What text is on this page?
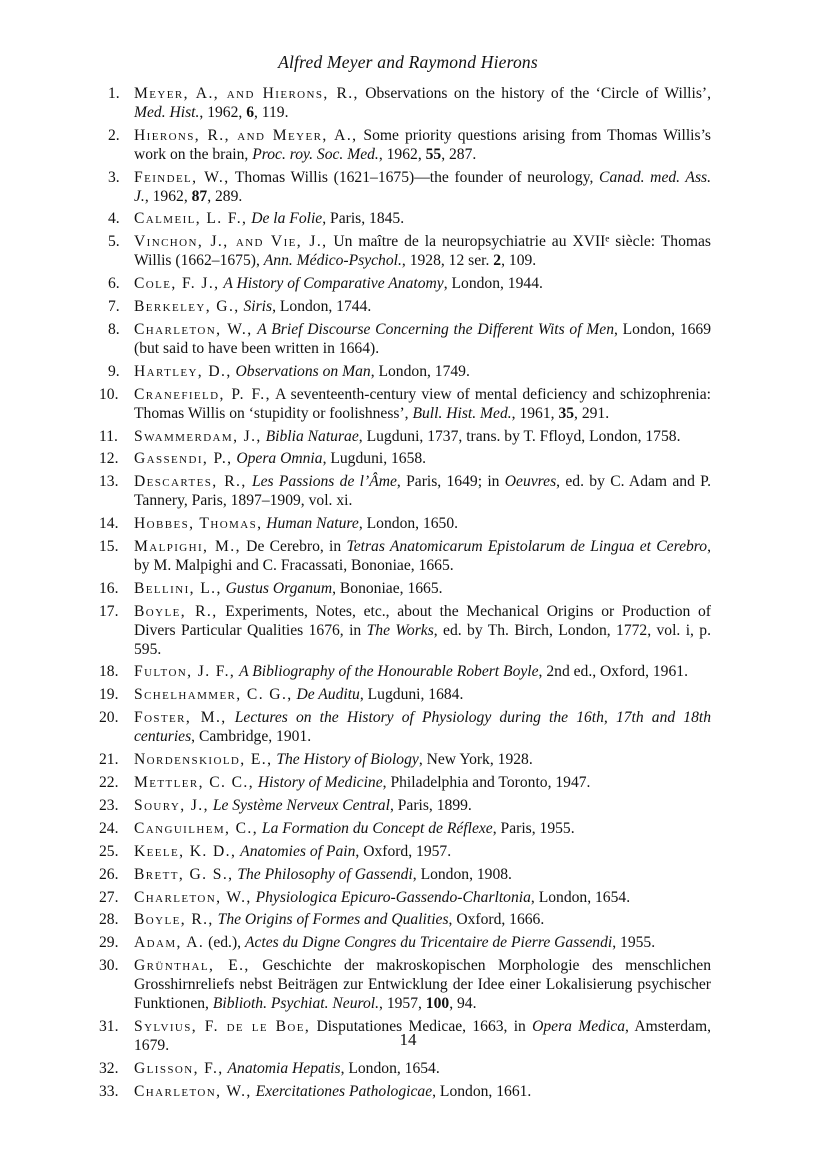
Alfred Meyer and Raymond Hierons
1. Meyer, A., and Hierons, R., Observations on the history of the ‘Circle of Willis’, Med. Hist., 1962, 6, 119.
2. Hierons, R., and Meyer, A., Some priority questions arising from Thomas Willis’s work on the brain, Proc. roy. Soc. Med., 1962, 55, 287.
3. Feindel, W., Thomas Willis (1621–1675)—the founder of neurology, Canad. med. Ass. J., 1962, 87, 289.
4. Calmeil, L. F., De la Folie, Paris, 1845.
5. Vinchon, J., and Vie, J., Un maître de la neuropsychiatrie au XVIIᵉ siècle: Thomas Willis (1662–1675), Ann. Médico-Psychol., 1928, 12 ser. 2, 109.
6. Cole, F. J., A History of Comparative Anatomy, London, 1944.
7. Berkeley, G., Siris, London, 1744.
8. Charleton, W., A Brief Discourse Concerning the Different Wits of Men, London, 1669 (but said to have been written in 1664).
9. Hartley, D., Observations on Man, London, 1749.
10. Cranefield, P. F., A seventeenth-century view of mental deficiency and schizophrenia: Thomas Willis on ‘stupidity or foolishness’, Bull. Hist. Med., 1961, 35, 291.
11.	Swammerdam, J., Biblia Naturae, Lugduni, 1737, trans. by T. Ffloyd, London, 1758.
12. Gassendi, P., Opera Omnia, Lugduni, 1658.
13. Descartes, R., Les Passions de l’Âme, Paris, 1649; in Oeuvres, ed. by C. Adam and P. Tannery, Paris, 1897–1909, vol. xi.
14. Hobbes, Thomas, Human Nature, London, 1650.
15. Malpighi, M., De Cerebro, in Tetras Anatomicarum Epistolarum de Lingua et Cerebro, by M. Malpighi and C. Fracassati, Bononiae, 1665.
16. Bellini, L., Gustus Organum, Bononiae, 1665.
17. Boyle, R., Experiments, Notes, etc., about the Mechanical Origins or Production of Divers Particular Qualities 1676, in The Works, ed. by Th. Birch, London, 1772, vol. i, p. 595.
18. Fulton, J. F., A Bibliography of the Honourable Robert Boyle, 2nd ed., Oxford, 1961.
19. Schelhammer, C. G., De Auditu, Lugduni, 1684.
20. Foster, M., Lectures on the History of Physiology during the 16th, 17th and 18th centuries, Cambridge, 1901.
21. Nordenskiold, E., The History of Biology, New York, 1928.
22. Mettler, C. C., History of Medicine, Philadelphia and Toronto, 1947.
23. Soury, J., Le Système Nerveux Central, Paris, 1899.
24. Canguilhem, C., La Formation du Concept de Réflexe, Paris, 1955.
25. Keele, K. D., Anatomies of Pain, Oxford, 1957.
26. Brett, G. S., The Philosophy of Gassendi, London, 1908.
27. Charleton, W., Physiologica Epicuro-Gassendo-Charltonia, London, 1654.
28. Boyle, R., The Origins of Formes and Qualities, Oxford, 1666.
29. Adam, A. (ed.), Actes du Digne Congres du Tricentaire de Pierre Gassendi, 1955.
30. Grünthal, E., Geschichte der makroskopischen Morphologie des menschlichen Grosshirnreliefs nebst Beiträgen zur Entwicklung der Idee einer Lokalisierung psychischer Funktionen, Biblioth. Psychiat. Neurol., 1957, 100, 94.
31. Sylvius, F. de le Boe, Disputationes Medicae, 1663, in Opera Medica, Amsterdam, 1679.
32. Glisson, F., Anatomia Hepatis, London, 1654.
33. Charleton, W., Exercitationes Pathologicae, London, 1661.
14
